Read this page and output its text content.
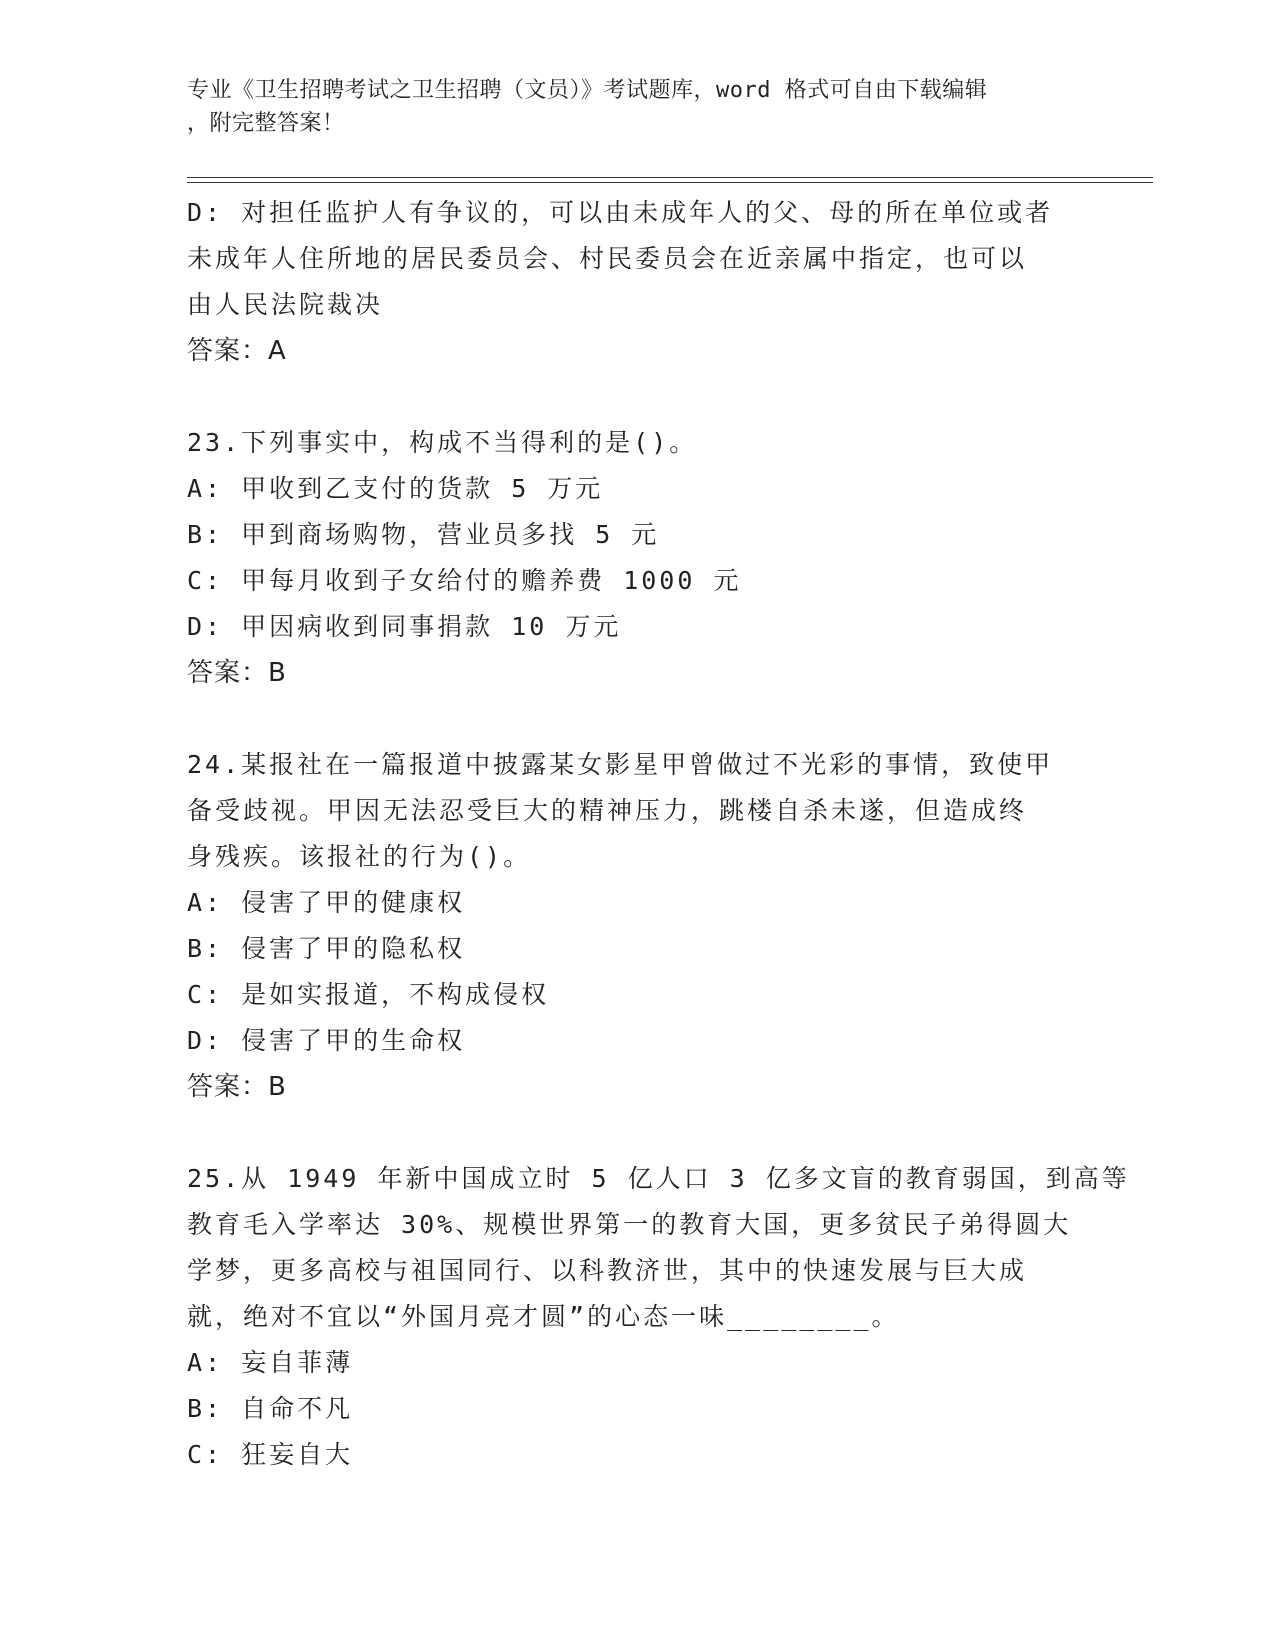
专业《卫生招聘考试之卫生招聘（文员）》考试题库，word 格式可自由下载编辑
，附完整答案！

D: 对担任监护人有争议的，可以由未成年人的父、母的所在单位或者

未成年人住所地的居民委员会、村民委员会在近亲属中指定，也可以

由人民法院裁决

答案：A

23.下列事实中，构成不当得利的是()。

A: 甲收到乙支付的货款 5 万元

B: 甲到商场购物，营业员多找 5 元

C: 甲每月收到子女给付的赡养费 1000 元

D: 甲因病收到同事捐款 10 万元

答案：B

24.某报社在一篇报道中披露某女影星甲曾做过不光彩的事情，致使甲

备受歧视。甲因无法忍受巨大的精神压力，跳楼自杀未遂，但造成终

身残疾。该报社的行为()。

A: 侵害了甲的健康权

B: 侵害了甲的隐私权

C: 是如实报道，不构成侵权

D: 侵害了甲的生命权

答案：B

25.从 1949 年新中国成立时 5 亿人口 3 亿多文盲的教育弱国，到高等

教育毛入学率达 30%、规模世界第一的教育大国，更多贫民子弟得圆大

学梦，更多高校与祖国同行、以科教济世，其中的快速发展与巨大成

就，绝对不宜以“外国月亮才圆”的心态一味________。

A: 妄自菲薄

B: 自命不凡

C: 狂妄自大
